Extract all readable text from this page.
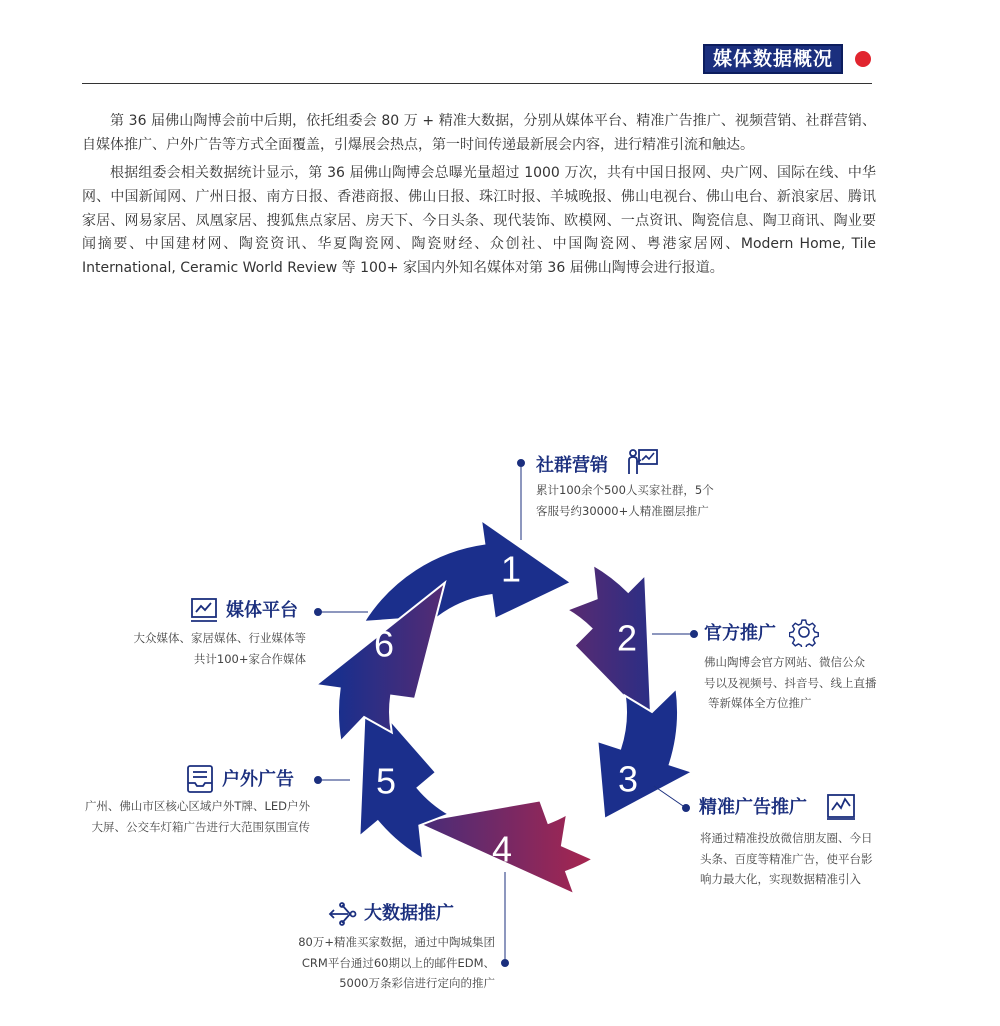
媒体数据概况

第 36 届佛山陶博会前中后期，依托组委会 80 万 + 精准大数据，分别从媒体平台、精准广告推广、视频营销、社群营销、自媒体推广、户外广告等方式全面覆盖，引爆展会热点，第一时间传递最新展会内容，进行精准引流和触达。

根据组委会相关数据统计显示，第 36 届佛山陶博会总曝光量超过 1000 万次，共有中国日报网、央广网、国际在线、中华网、中国新闻网、广州日报、南方日报、香港商报、佛山日报、珠江时报、羊城晚报、佛山电视台、佛山电台、新浪家居、腾讯家居、网易家居、凤凰家居、搜狐焦点家居、房天下、今日头条、现代装饰、欧模网、一点资讯、陶瓷信息、陶卫商讯、陶业要闻摘要、中国建材网、陶瓷资讯、华夏陶瓷网、陶瓷财经、众创社、中国陶瓷网、粤港家居网、Modern Home, Tile International, Ceramic World Review 等 100+ 家国内外知名媒体对第 36 届佛山陶博会进行报道。

1
2
3
4
5
6
社群营销
累计100余个500人买家社群，5个
客服号约30000+人精准圈层推广
官方推广
佛山陶博会官方网站、微信公众
号以及视频号、抖音号、线上直播
等新媒体全方位推广
精准广告推广
将通过精准投放微信朋友圈、今日
头条、百度等精准广告，使平台影
响力最大化，实现数据精准引入
大数据推广
80万+精准买家数据，通过中陶城集团
CRM平台通过60期以上的邮件EDM、
5000万条彩信进行定向的推广
户外广告
广州、佛山市区核心区域户外T牌、LED户外
大屏、公交车灯箱广告进行大范围氛围宣传
媒体平台
大众媒体、家居媒体、行业媒体等
共计100+家合作媒体
